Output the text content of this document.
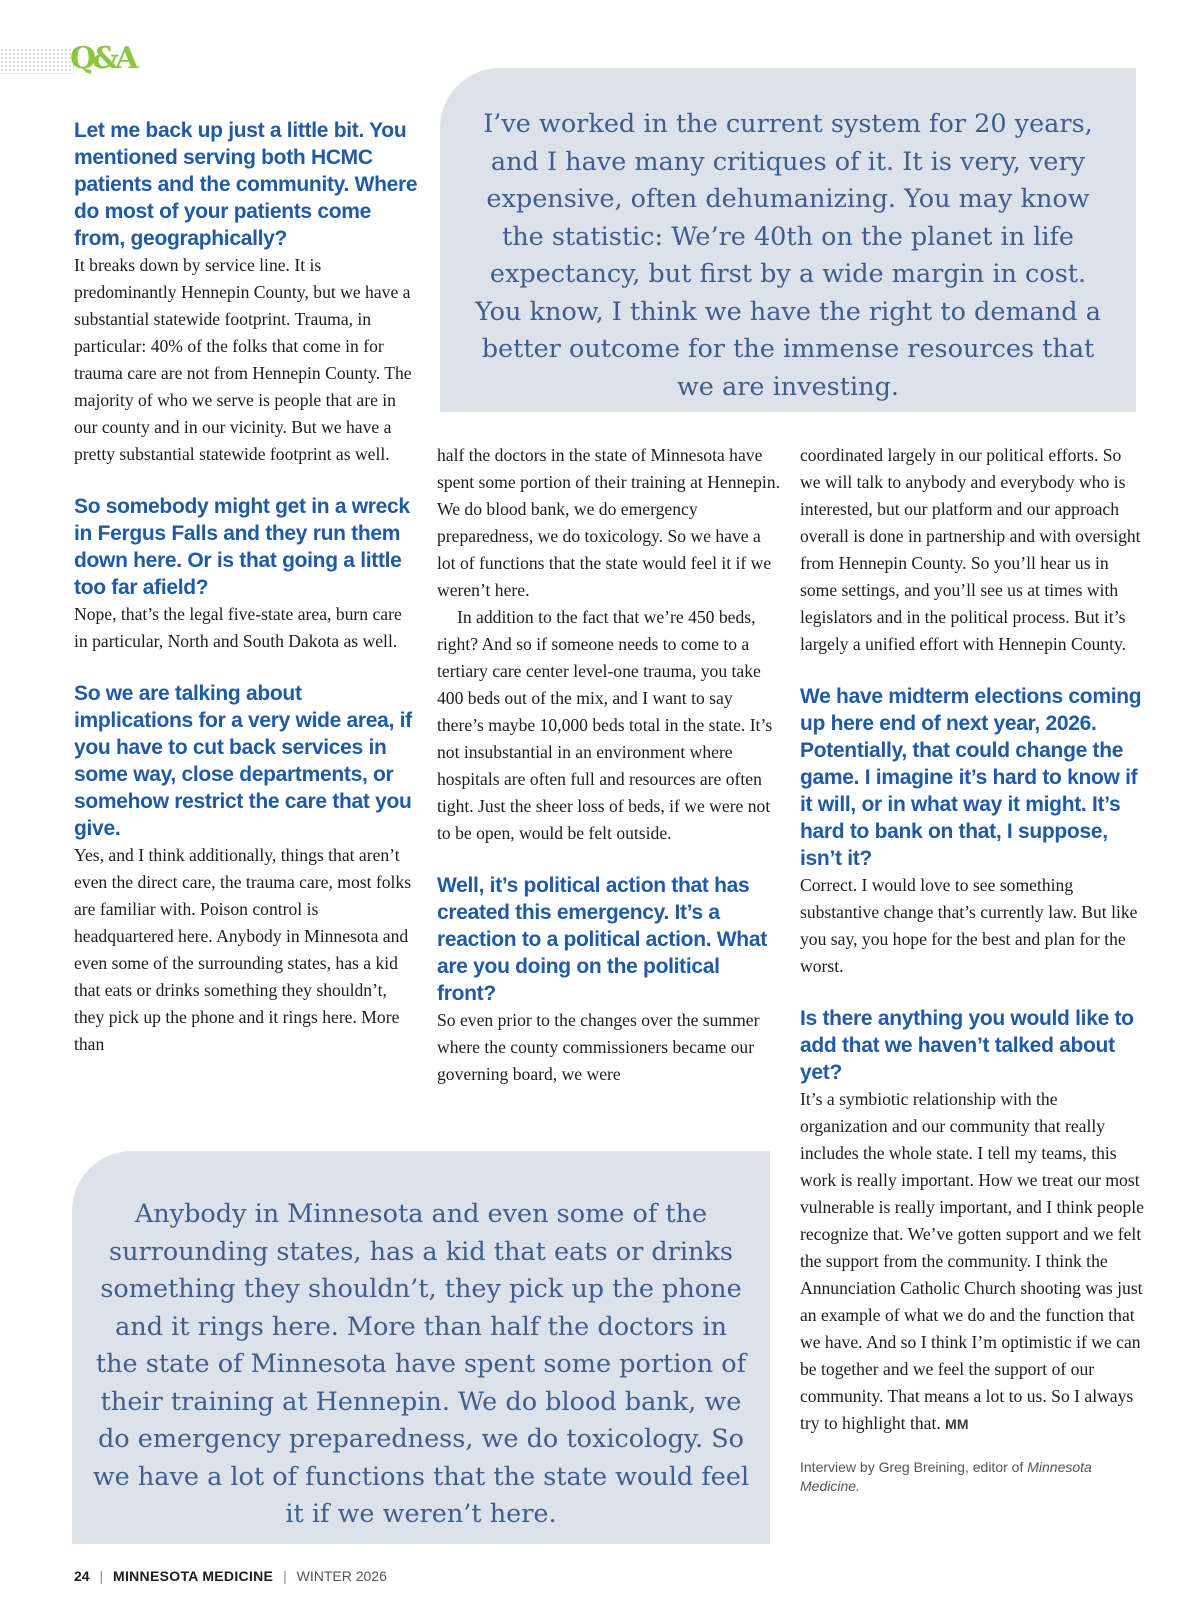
Q&A
I’ve worked in the current system for 20 years, and I have many critiques of it. It is very, very expensive, often dehumanizing. You may know the statistic: We’re 40th on the planet in life expectancy, but first by a wide margin in cost. You know, I think we have the right to demand a better outcome for the immense resources that we are investing.

Let me back up just a little bit. You mentioned serving both HCMC patients and the community. Where do most of your patients come from, geographically?

It breaks down by service line. It is predominantly Hennepin County, but we have a substantial statewide footprint. Trauma, in particular: 40% of the folks that come in for trauma care are not from Hennepin County. The majority of who we serve is people that are in our county and in our vicinity. But we have a pretty substantial statewide footprint as well.

So somebody might get in a wreck in Fergus Falls and they run them down here. Or is that going a little too far afield?

Nope, that’s the legal five-state area, burn care in particular, North and South Dakota as well.

So we are talking about implications for a very wide area, if you have to cut back services in some way, close departments, or somehow restrict the care that you give.

Yes, and I think additionally, things that aren’t even the direct care, the trauma care, most folks are familiar with. Poison control is headquartered here. Anybody in Minnesota and even some of the surrounding states, has a kid that eats or drinks something they shouldn’t, they pick up the phone and it rings here. More than

half the doctors in the state of Minnesota have spent some portion of their training at Hennepin. We do blood bank, we do emergency preparedness, we do toxicology. So we have a lot of functions that the state would feel it if we weren’t here.

In addition to the fact that we’re 450 beds, right? And so if someone needs to come to a tertiary care center level-one trauma, you take 400 beds out of the mix, and I want to say there’s maybe 10,000 beds total in the state. It’s not insubstantial in an environment where hospitals are often full and resources are often tight. Just the sheer loss of beds, if we were not to be open, would be felt outside.

Well, it’s political action that has created this emergency. It’s a reaction to a political action. What are you doing on the political front?

So even prior to the changes over the summer where the county commissioners became our governing board, we were

coordinated largely in our political efforts. So we will talk to anybody and everybody who is interested, but our platform and our approach overall is done in partnership and with oversight from Hennepin County. So you’ll hear us in some settings, and you’ll see us at times with legislators and in the political process. But it’s largely a unified effort with Hennepin County.

We have midterm elections coming up here end of next year, 2026. Potentially, that could change the game. I imagine it’s hard to know if it will, or in what way it might. It’s hard to bank on that, I suppose, isn’t it?

Correct. I would love to see something substantive change that’s currently law. But like you say, you hope for the best and plan for the worst.

Is there anything you would like to add that we haven’t talked about yet?

It’s a symbiotic relationship with the organization and our community that really includes the whole state. I tell my teams, this work is really important. How we treat our most vulnerable is really important, and I think people recognize that. We’ve gotten support and we felt the support from the community. I think the Annunciation Catholic Church shooting was just an example of what we do and the function that we have. And so I think I’m optimistic if we can be together and we feel the support of our community. That means a lot to us. So I always try to highlight that. MM

Interview by Greg Breining, editor of Minnesota Medicine.

Anybody in Minnesota and even some of the surrounding states, has a kid that eats or drinks something they shouldn’t, they pick up the phone and it rings here. More than half the doctors in the state of Minnesota have spent some portion of their training at Hennepin. We do blood bank, we do emergency preparedness, we do toxicology. So we have a lot of functions that the state would feel it if we weren’t here.
24 | MINNESOTA MEDICINE | WINTER 2026
